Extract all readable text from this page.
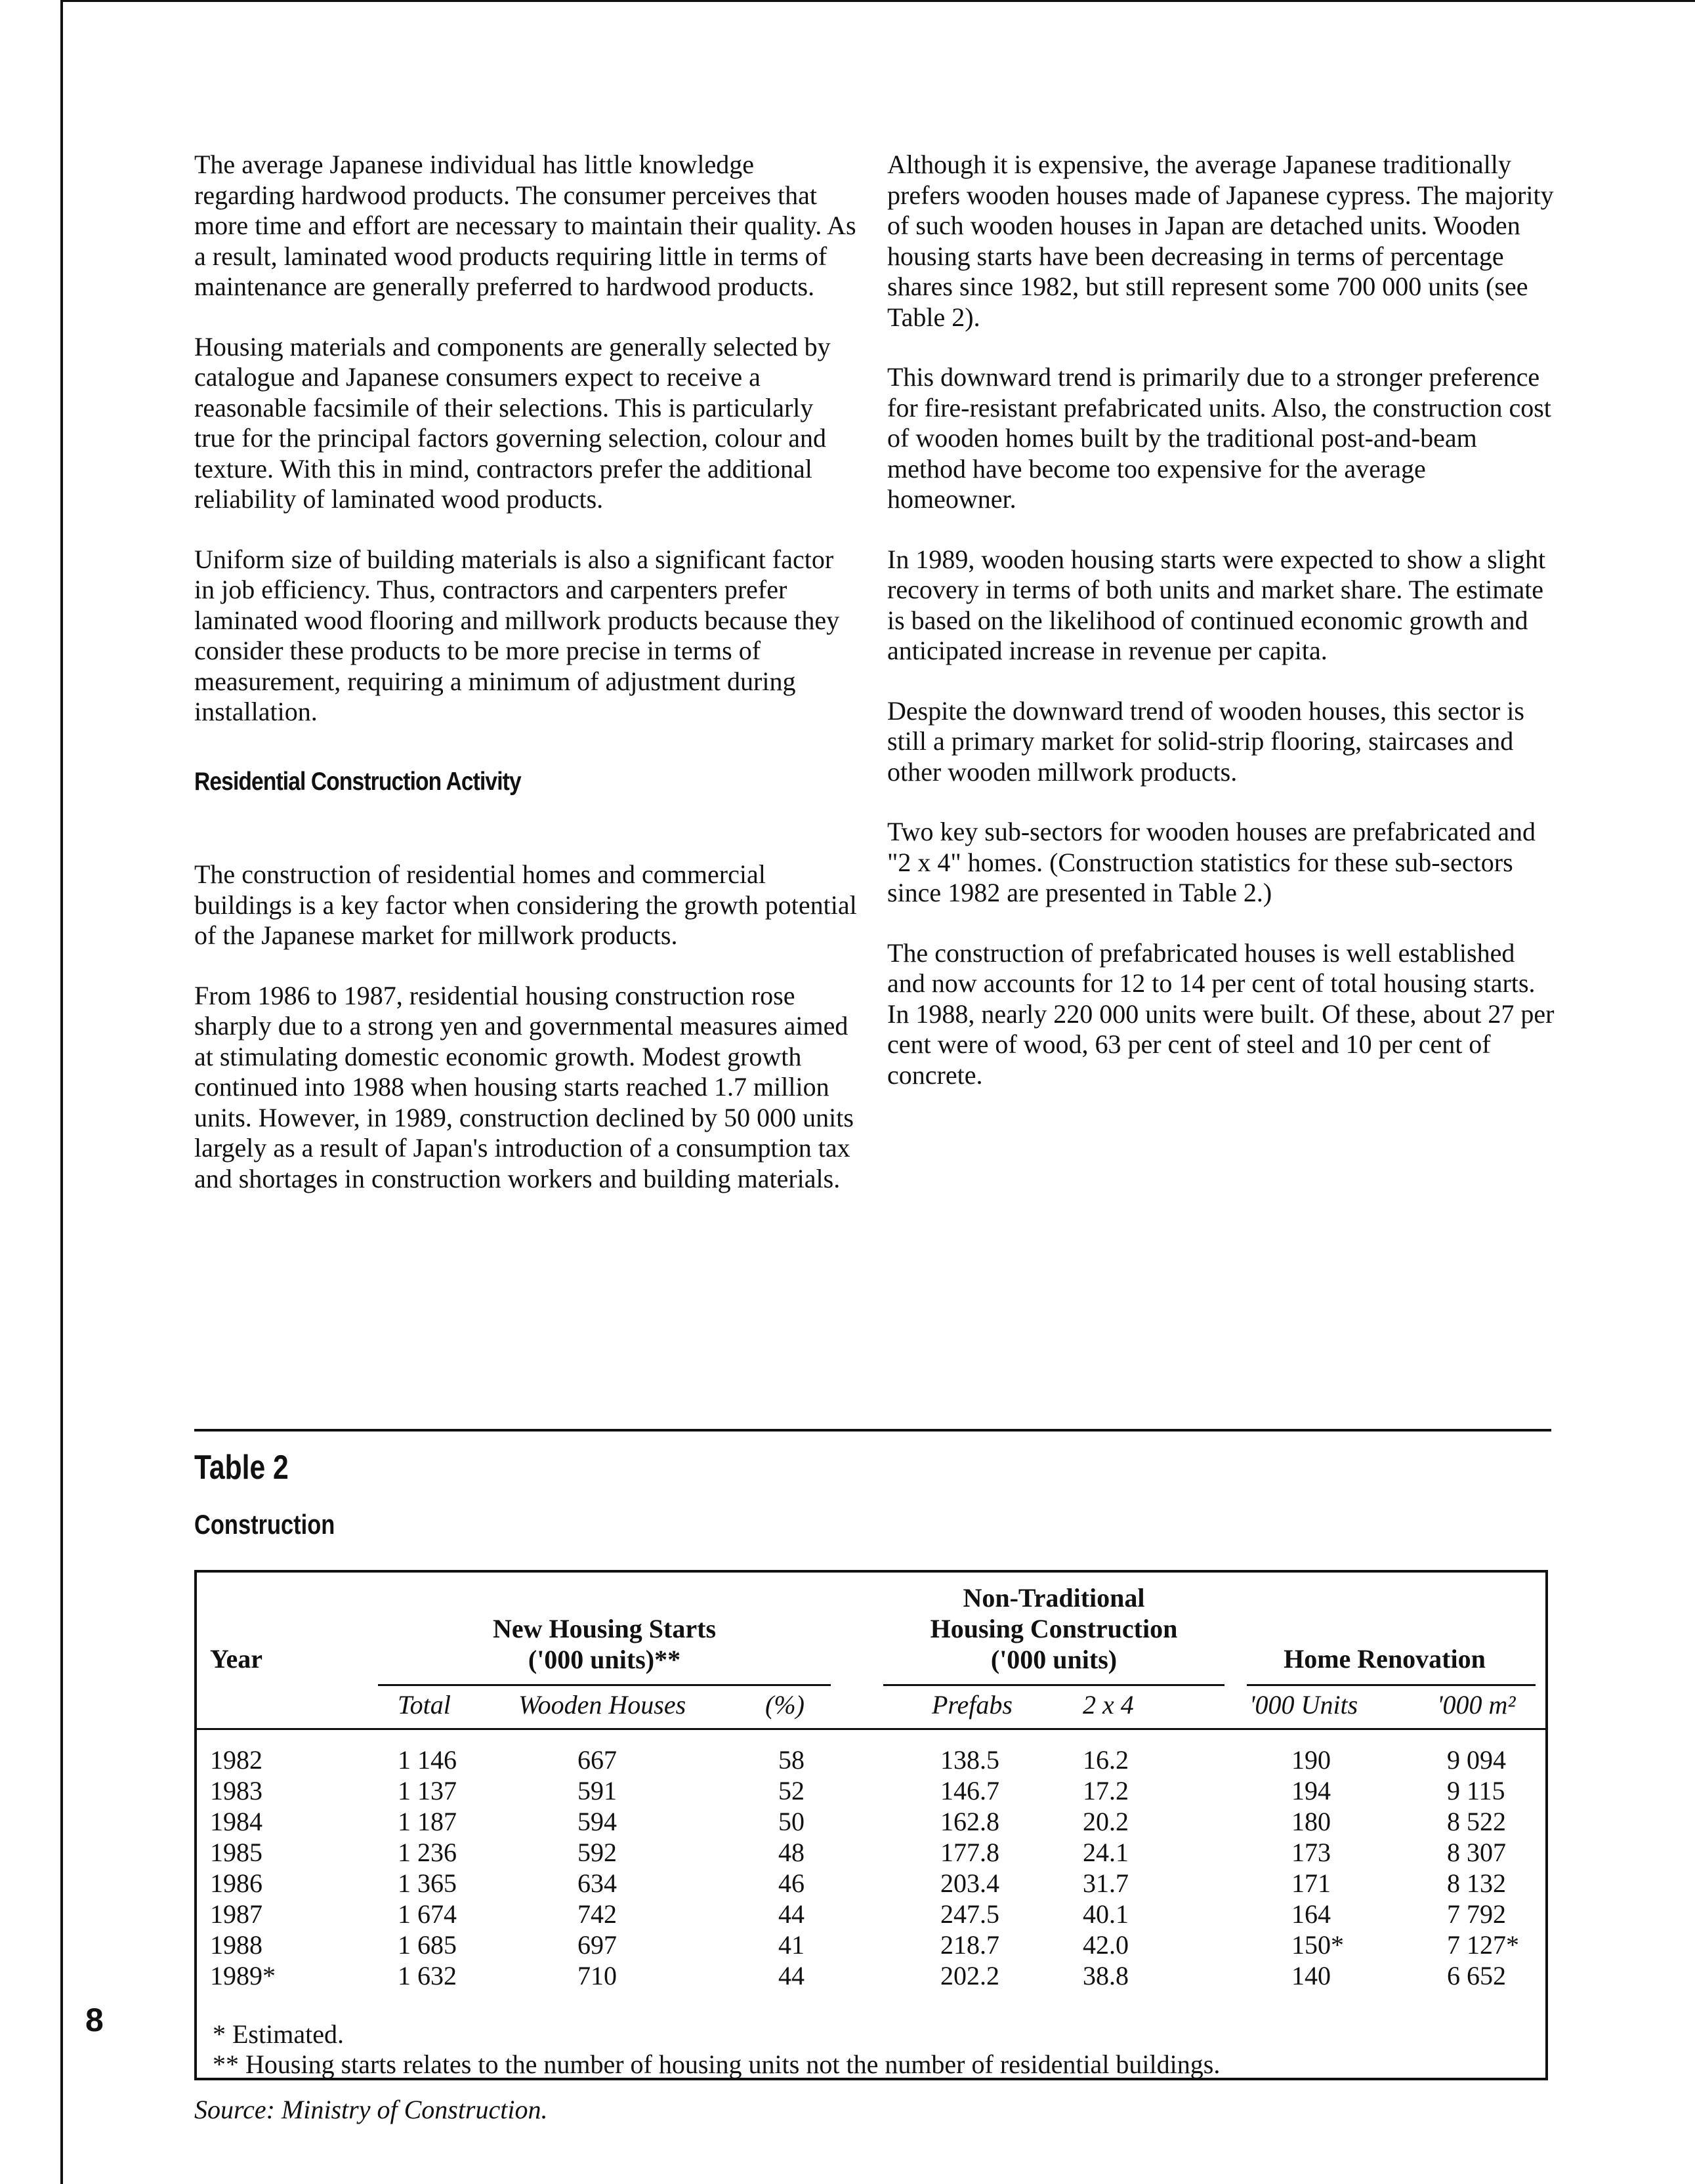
The average Japanese individual has little knowledge regarding hardwood products. The consumer perceives that more time and effort are necessary to maintain their quality. As a result, laminated wood products requiring little in terms of maintenance are generally preferred to hardwood products.

Housing materials and components are generally selected by catalogue and Japanese consumers expect to receive a reasonable facsimile of their selections. This is particularly true for the principal factors governing selection, colour and texture. With this in mind, contractors prefer the additional reliability of laminated wood products.

Uniform size of building materials is also a significant factor in job efficiency. Thus, contractors and carpenters prefer laminated wood flooring and millwork products because they consider these products to be more precise in terms of measurement, requiring a minimum of adjustment during installation.

Residential Construction Activity

The construction of residential homes and commercial buildings is a key factor when considering the growth potential of the Japanese market for millwork products.

From 1986 to 1987, residential housing construction rose sharply due to a strong yen and governmental measures aimed at stimulating domestic economic growth. Modest growth continued into 1988 when housing starts reached 1.7 million units. However, in 1989, construction declined by 50 000 units largely as a result of Japan's introduction of a consumption tax and shortages in construction workers and building materials.

Although it is expensive, the average Japanese traditionally prefers wooden houses made of Japanese cypress. The majority of such wooden houses in Japan are detached units. Wooden housing starts have been decreasing in terms of percentage shares since 1982, but still represent some 700 000 units (see Table 2).

This downward trend is primarily due to a stronger preference for fire-resistant prefabricated units. Also, the construction cost of wooden homes built by the traditional post-and-beam method have become too expensive for the average homeowner.

In 1989, wooden housing starts were expected to show a slight recovery in terms of both units and market share. The estimate is based on the likelihood of continued economic growth and anticipated increase in revenue per capita.

Despite the downward trend of wooden houses, this sector is still a primary market for solid-strip flooring, staircases and other wooden millwork products.

Two key sub-sectors for wooden houses are prefabricated and "2 x 4" homes. (Construction statistics for these sub-sectors since 1982 are presented in Table 2.)

The construction of prefabricated houses is well established and now accounts for 12 to 14 per cent of total housing starts. In 1988, nearly 220 000 units were built. Of these, about 27 per cent were of wood, 63 per cent of steel and 10 per cent of concrete.

Table 2
Construction
Year
New Housing Starts
('000 units)**
Non-Traditional
Housing Construction
('000 units)	Home Renovation
Total	Wooden Houses	(%)	Prefabs	2 x 4	'000 Units	'000 m²
1982	1 146	667	58	138.5	16.2	190	9 094
1983	1 137	591	52	146.7	17.2	194	9 115
1984	1 187	594	50	162.8	20.2	180	8 522
1985	1 236	592	48	177.8	24.1	173	8 307
1986	1 365	634	46	203.4	31.7	171	8 132
1987	1 674	742	44	247.5	40.1	164	7 792
1988	1 685	697	41	218.7	42.0	150*	7 127*
1989*	1 632	710	44	202.2	38.8	140	6 652
* Estimated.
** Housing starts relates to the number of housing units not the number of residential buildings.
Source: Ministry of Construction.
8
